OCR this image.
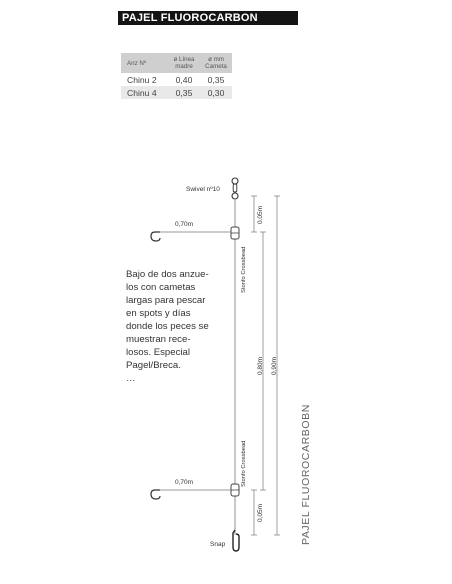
PAJEL FLUOROCARBON
Anz Nº	ø Línea madre	ø mm Cameta
Chinu 2	0,40	0,35
Chinu 4	0,35	0,30

Bajo de dos anzue-

los con cametas

largas para pescar

en spots y días

donde los peces se

muestran rece-

losos. Especial

Pagel/Breca.

…

Swivel nº10
0,70m
Stonfo Crossbead
0,70m	Stonfo Crossbead
Snap
0,05m
0,80m 0,90m
0,05m	PAJEL FLUOROCARBOBN
